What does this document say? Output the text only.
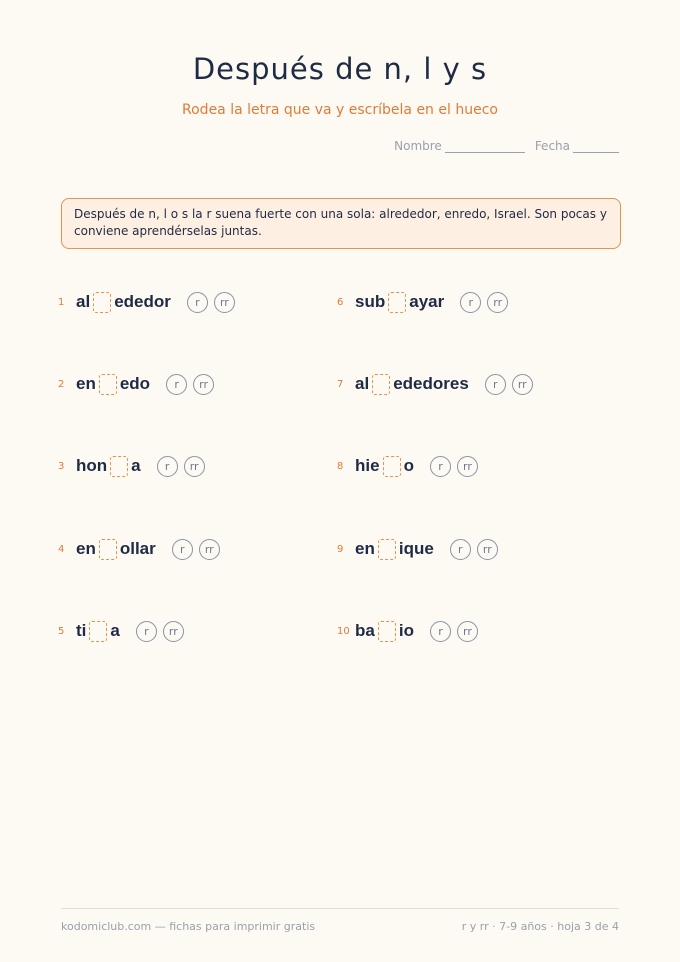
Después de n, l y s
Rodea la letra que va y escríbela en el hueco
Nombre	Fecha
Después de n, l o s la r suena fuerte con una sola: alrededor, enredo, Israel. Son pocas y conviene aprendérselas juntas.
1 al ededor	r	rr
2 en edo	r	rr
3 hon a	r	rr
4 en ollar	r	rr
5 ti a	r	rr
6 sub ayar	r	rr
7 al ededores	r	rr
8 hie o	r	rr
9 en ique	r	rr
10 ba io	r	rr
kodomiclub.com — fichas para imprimir gratis	r y rr · 7-9 años · hoja 3 de 4
